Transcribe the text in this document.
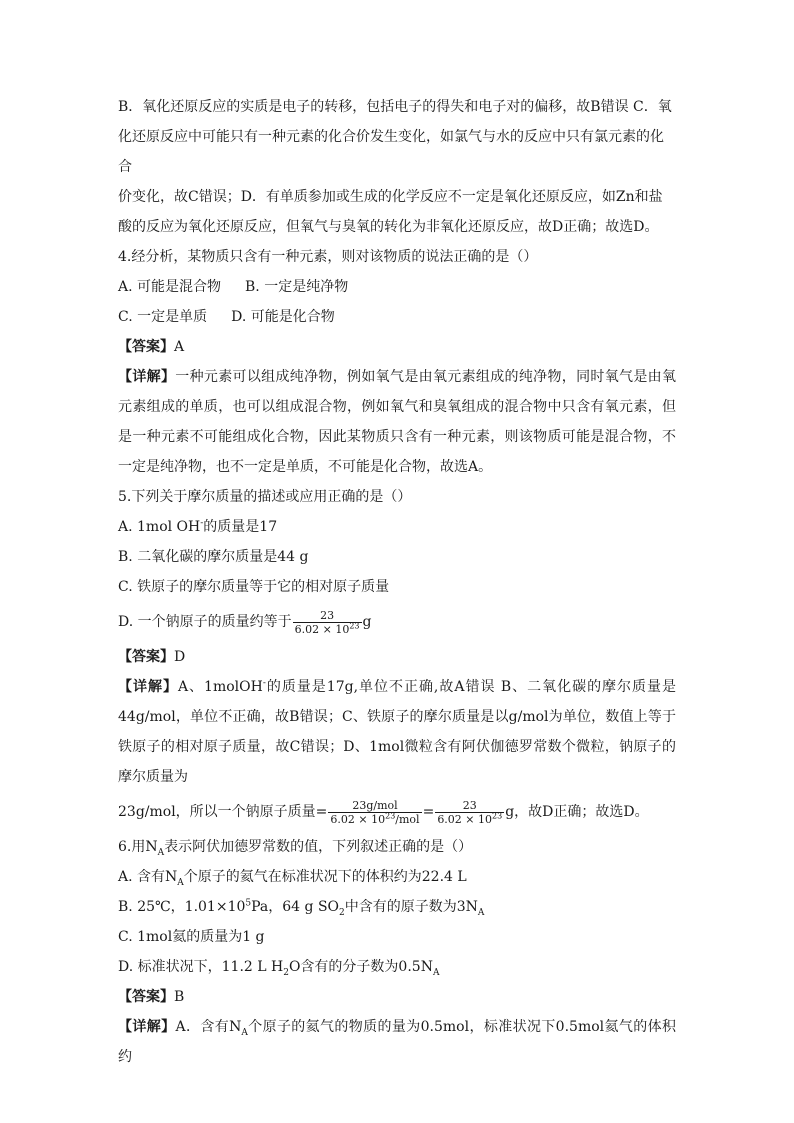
B．氧化还原反应的实质是电子的转移，包括电子的得失和电子对的偏移，故B错误 C．氧

化还原反应中可能只有一种元素的化合价发生变化，如氯气与水的反应中只有氯元素的化合

价变化，故C错误；D．有单质参加或生成的化学反应不一定是氧化还原反应，如Zn和盐

酸的反应为氧化还原反应，但氧气与臭氧的转化为非氧化还原反应，故D正确；故选D。

4.经分析，某物质只含有一种元素，则对该物质的说法正确的是（）

A. 可能是混合物 B. 一定是纯净物

C. 一定是单质 D. 可能是化合物

【答案】A

【详解】一种元素可以组成纯净物，例如氧气是由氧元素组成的纯净物，同时氧气是由氧元素组成的单质，也可以组成混合物，例如氧气和臭氧组成的混合物中只含有氧元素，但是一种元素不可能组成化合物，因此某物质只含有一种元素，则该物质可能是混合物，不一定是纯净物，也不一定是单质，不可能是化合物，故选A。

5.下列关于摩尔质量的描述或应用正确的是（）

A. 1mol OH-的质量是17

B. 二氧化碳的摩尔质量是44 g

C. 铁原子的摩尔质量等于它的相对原子质量

D. 一个钠原子的质量约等于 $\frac{23}{6.02 \times 10^{23}}$ g

【答案】D

【详解】A、1molOH-的质量是17g,单位不正确,故A错误 B、二氧化碳的摩尔质量是44g/mol，单位不正确，故B错误；C、铁原子的摩尔质量是以g/mol为单位，数值上等于铁原子的相对原子质量，故C错误；D、1mol微粒含有阿伏伽德罗常数个微粒，钠原子的摩尔质量为

23g/mol，所以一个钠原子质量= $\frac{\text{23g/mol}}{6.02 \times 10^{23}/mol} = \frac{23}{6.02 \times 10^{23}}$ g，故D正确；故选D。

6.用$N_A$表示阿伏加德罗常数的值，下列叙述正确的是（）

A. 含有$N_A$个原子的氦气在标准状况下的体积约为22.4 L

B. 25℃，$1.01\times 10^5Pa$，64 g $SO_2$中含有的原子数为$3N_A$

C. 1mol氦的质量为1 g

D. 标准状况下，11.2 L $H_2O$含有的分子数为$0.5N_A$

【答案】B

【详解】A．含有$N_A$个原子的氦气的物质的量为0.5mol，标准状况下0.5mol氦气的体积约
